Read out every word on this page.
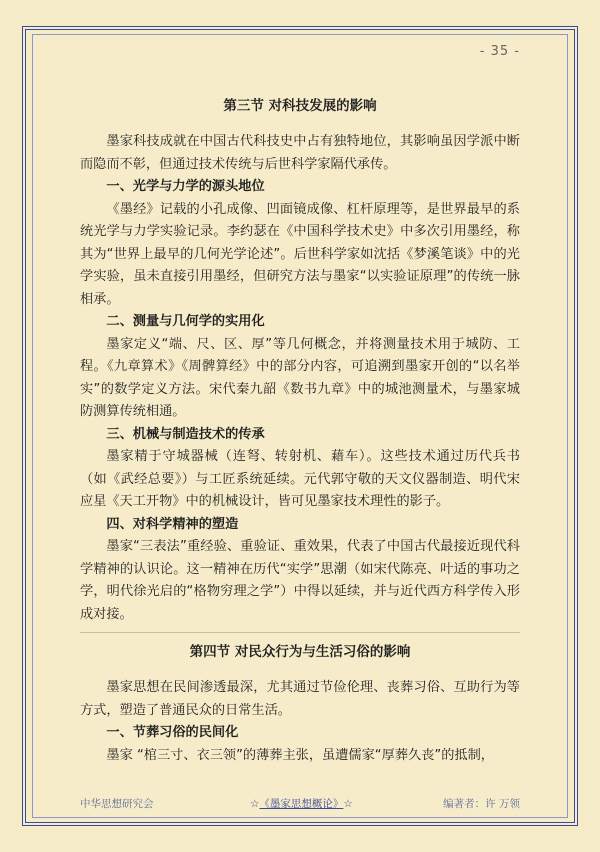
- 35 -
第三节 对科技发展的影响

墨家科技成就在中国古代科技史中占有独特地位，其影响虽因学派中断而隐而不彰，但通过技术传统与后世科学家隔代承传。

一、光学与力学的源头地位

《墨经》记载的小孔成像、凹面镜成像、杠杆原理等，是世界最早的系统光学与力学实验记录。李约瑟在《中国科学技术史》中多次引用墨经，称其为“世界上最早的几何光学论述”。后世科学家如沈括《梦溪笔谈》中的光学实验，虽未直接引用墨经，但研究方法与墨家“以实验证原理”的传统一脉相承。

二、测量与几何学的实用化

墨家定义“端、尺、区、厚”等几何概念，并将测量技术用于城防、工程。《九章算术》《周髀算经》中的部分内容，可追溯到墨家开创的“以名举实”的数学定义方法。宋代秦九韶《数书九章》中的城池测量术，与墨家城防测算传统相通。

三、机械与制造技术的传承

墨家精于守城器械（连弩、转射机、藉车）。这些技术通过历代兵书（如《武经总要》）与工匠系统延续。元代郭守敬的天文仪器制造、明代宋应星《天工开物》中的机械设计，皆可见墨家技术理性的影子。

四、对科学精神的塑造

墨家“三表法”重经验、重验证、重效果，代表了中国古代最接近现代科学精神的认识论。这一精神在历代“实学”思潮（如宋代陈亮、叶适的事功之学，明代徐光启的“格物穷理之学”）中得以延续，并与近代西方科学传入形成对接。

第四节 对民众行为与生活习俗的影响

墨家思想在民间渗透最深，尤其通过节俭伦理、丧葬习俗、互助行为等方式，塑造了普通民众的日常生活。

一、节葬习俗的民间化

墨家 “棺三寸、衣三领”的薄葬主张，虽遭儒家“厚葬久丧”的抵制，

中华思想研究会	☆《墨家思想概论》☆	编著者：许 万领
